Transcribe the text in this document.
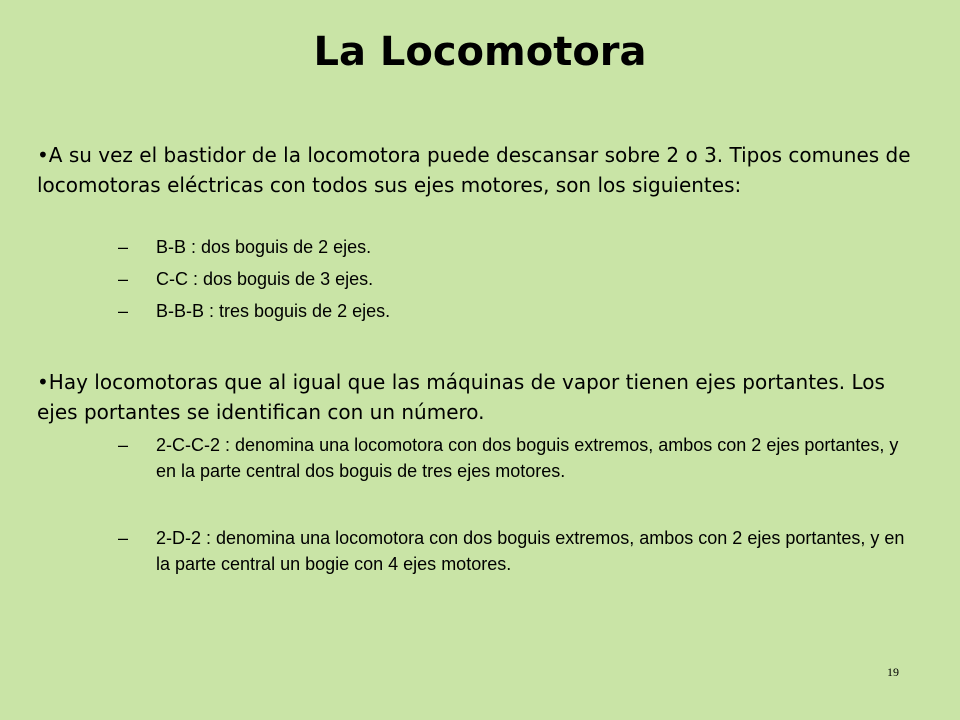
La Locomotora

•A su vez el bastidor de la locomotora puede descansar sobre 2 o 3. Tipos comunes de locomotoras eléctricas con todos sus ejes motores, son los siguientes:

– B-B : dos boguis de 2 ejes.
– C-C : dos boguis de 3 ejes.
– B-B-B : tres boguis de 2 ejes.

•Hay locomotoras que al igual que las máquinas de vapor tienen ejes portantes. Los ejes portantes se identifican con un número.

– 2-C-C-2 : denomina una locomotora con dos boguis extremos, ambos con 2 ejes portantes, y en la parte central dos boguis de tres ejes motores.
– 2-D-2 : denomina una locomotora con dos boguis extremos, ambos con 2 ejes portantes, y en la parte central un bogie con 4 ejes motores.
19
